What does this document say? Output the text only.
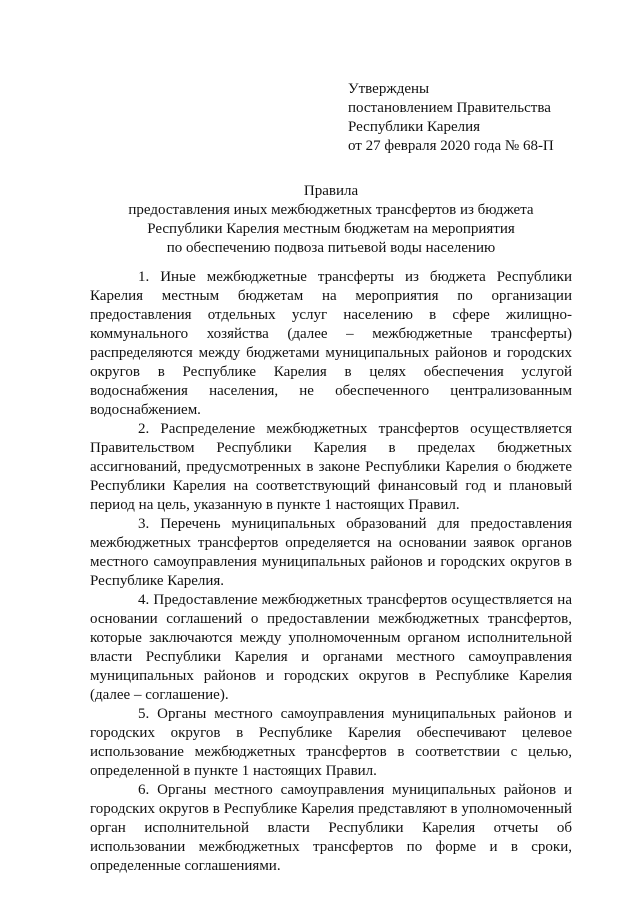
Утверждены
постановлением Правительства
Республики Карелия
от 27 февраля 2020 года № 68-П
Правила
предоставления иных межбюджетных трансфертов из бюджета
Республики Карелия местным бюджетам на мероприятия
по обеспечению подвоза питьевой воды населению

1. Иные межбюджетные трансферты из бюджета Республики Карелия местным бюджетам на мероприятия по организации предоставления отдельных услуг населению в сфере жилищно-коммунального хозяйства (далее – межбюджетные трансферты) распределяются между бюджетами муниципальных районов и городских округов в Республике Карелия в целях обеспечения услугой водоснабжения населения, не обеспеченного централизованным водоснабжением.

2. Распределение межбюджетных трансфертов осуществляется Правительством Республики Карелия в пределах бюджетных ассигнований, предусмотренных в законе Республики Карелия о бюджете Республики Карелия на соответствующий финансовый год и плановый период на цель, указанную в пункте 1 настоящих Правил.

3. Перечень муниципальных образований для предоставления межбюджетных трансфертов определяется на основании заявок органов местного самоуправления муниципальных районов и городских округов в Республике Карелия.

4. Предоставление межбюджетных трансфертов осуществляется на основании соглашений о предоставлении межбюджетных трансфертов, которые заключаются между уполномоченным органом исполнительной власти Республики Карелия и органами местного самоуправления муниципальных районов и городских округов в Республике Карелия (далее – соглашение).

5. Органы местного самоуправления муниципальных районов и городских округов в Республике Карелия обеспечивают целевое использование межбюджетных трансфертов в соответствии с целью, определенной в пункте 1 настоящих Правил.

6. Органы местного самоуправления муниципальных районов и городских округов в Республике Карелия представляют в уполномоченный орган исполнительной власти Республики Карелия отчеты об использовании межбюджетных трансфертов по форме и в сроки, определенные соглашениями.
